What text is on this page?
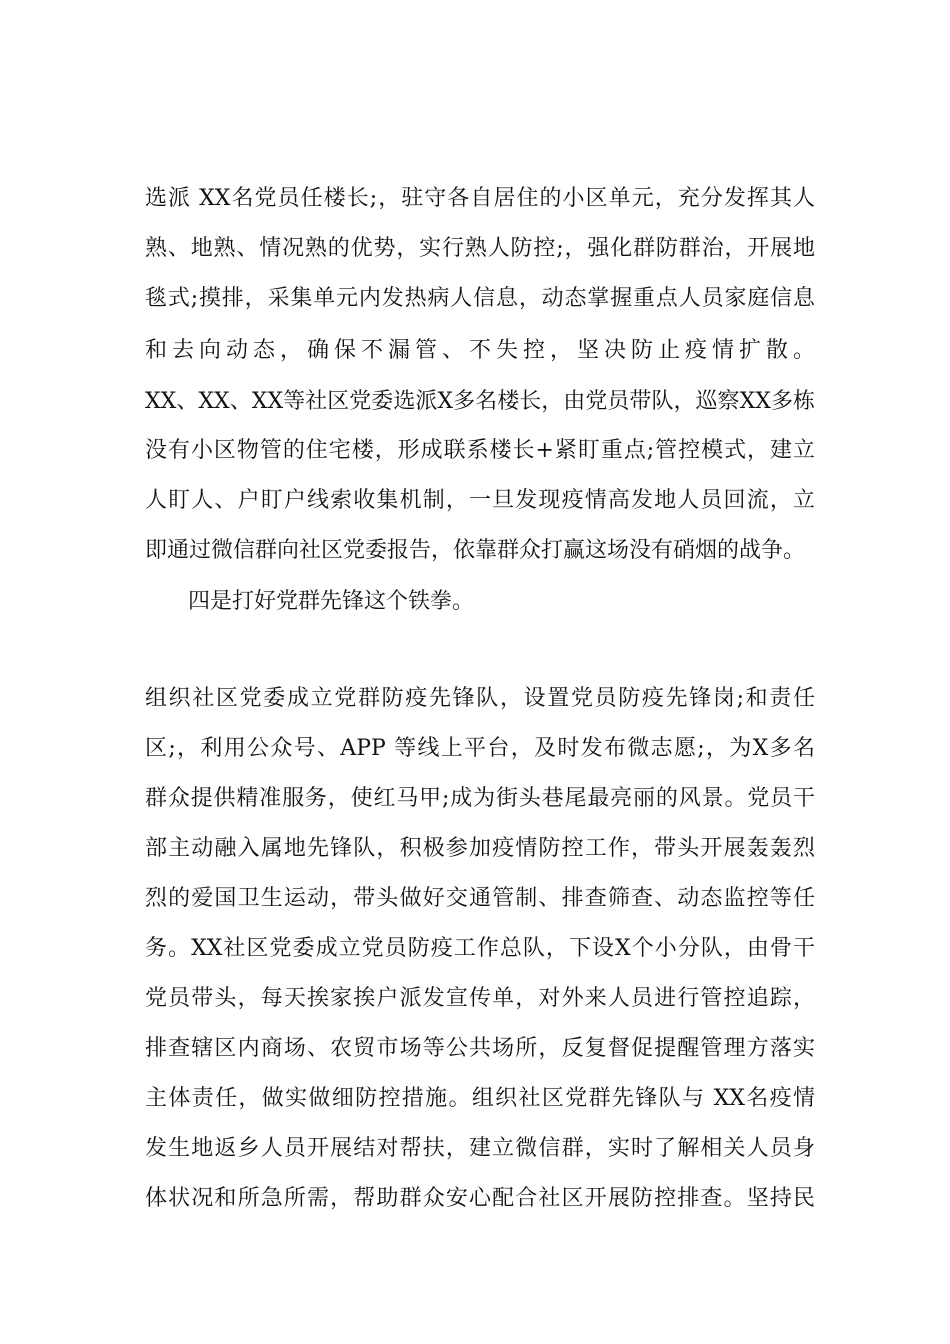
选派 XX名党员任楼长;，驻守各自居住的小区单元，充分发挥其人
熟、地熟、情况熟的优势，实行熟人防控;，强化群防群治，开展地
毯式;摸排，采集单元内发热病人信息，动态掌握重点人员家庭信息
和去向动态，确保不漏管、不失控，坚决防止疫情扩散。
XX、XX、XX等社区党委选派X多名楼长，由党员带队，巡察XX多栋
没有小区物管的住宅楼，形成联系楼长+紧盯重点;管控模式，建立
人盯人、户盯户线索收集机制，一旦发现疫情高发地人员回流，立
即通过微信群向社区党委报告，依靠群众打赢这场没有硝烟的战争。
四是打好党群先锋这个铁拳。
组织社区党委成立党群防疫先锋队，设置党员防疫先锋岗;和责任
区;，利用公众号、APP 等线上平台，及时发布微志愿;，为X多名
群众提供精准服务，使红马甲;成为街头巷尾最亮丽的风景。党员干
部主动融入属地先锋队，积极参加疫情防控工作，带头开展轰轰烈
烈的爱国卫生运动，带头做好交通管制、排查筛查、动态监控等任
务。XX社区党委成立党员防疫工作总队，下设X个小分队，由骨干
党员带头，每天挨家挨户派发宣传单，对外来人员进行管控追踪，
排查辖区内商场、农贸市场等公共场所，反复督促提醒管理方落实
主体责任，做实做细防控措施。组织社区党群先锋队与 XX名疫情
发生地返乡人员开展结对帮扶，建立微信群，实时了解相关人员身
体状况和所急所需，帮助群众安心配合社区开展防控排查。坚持民
